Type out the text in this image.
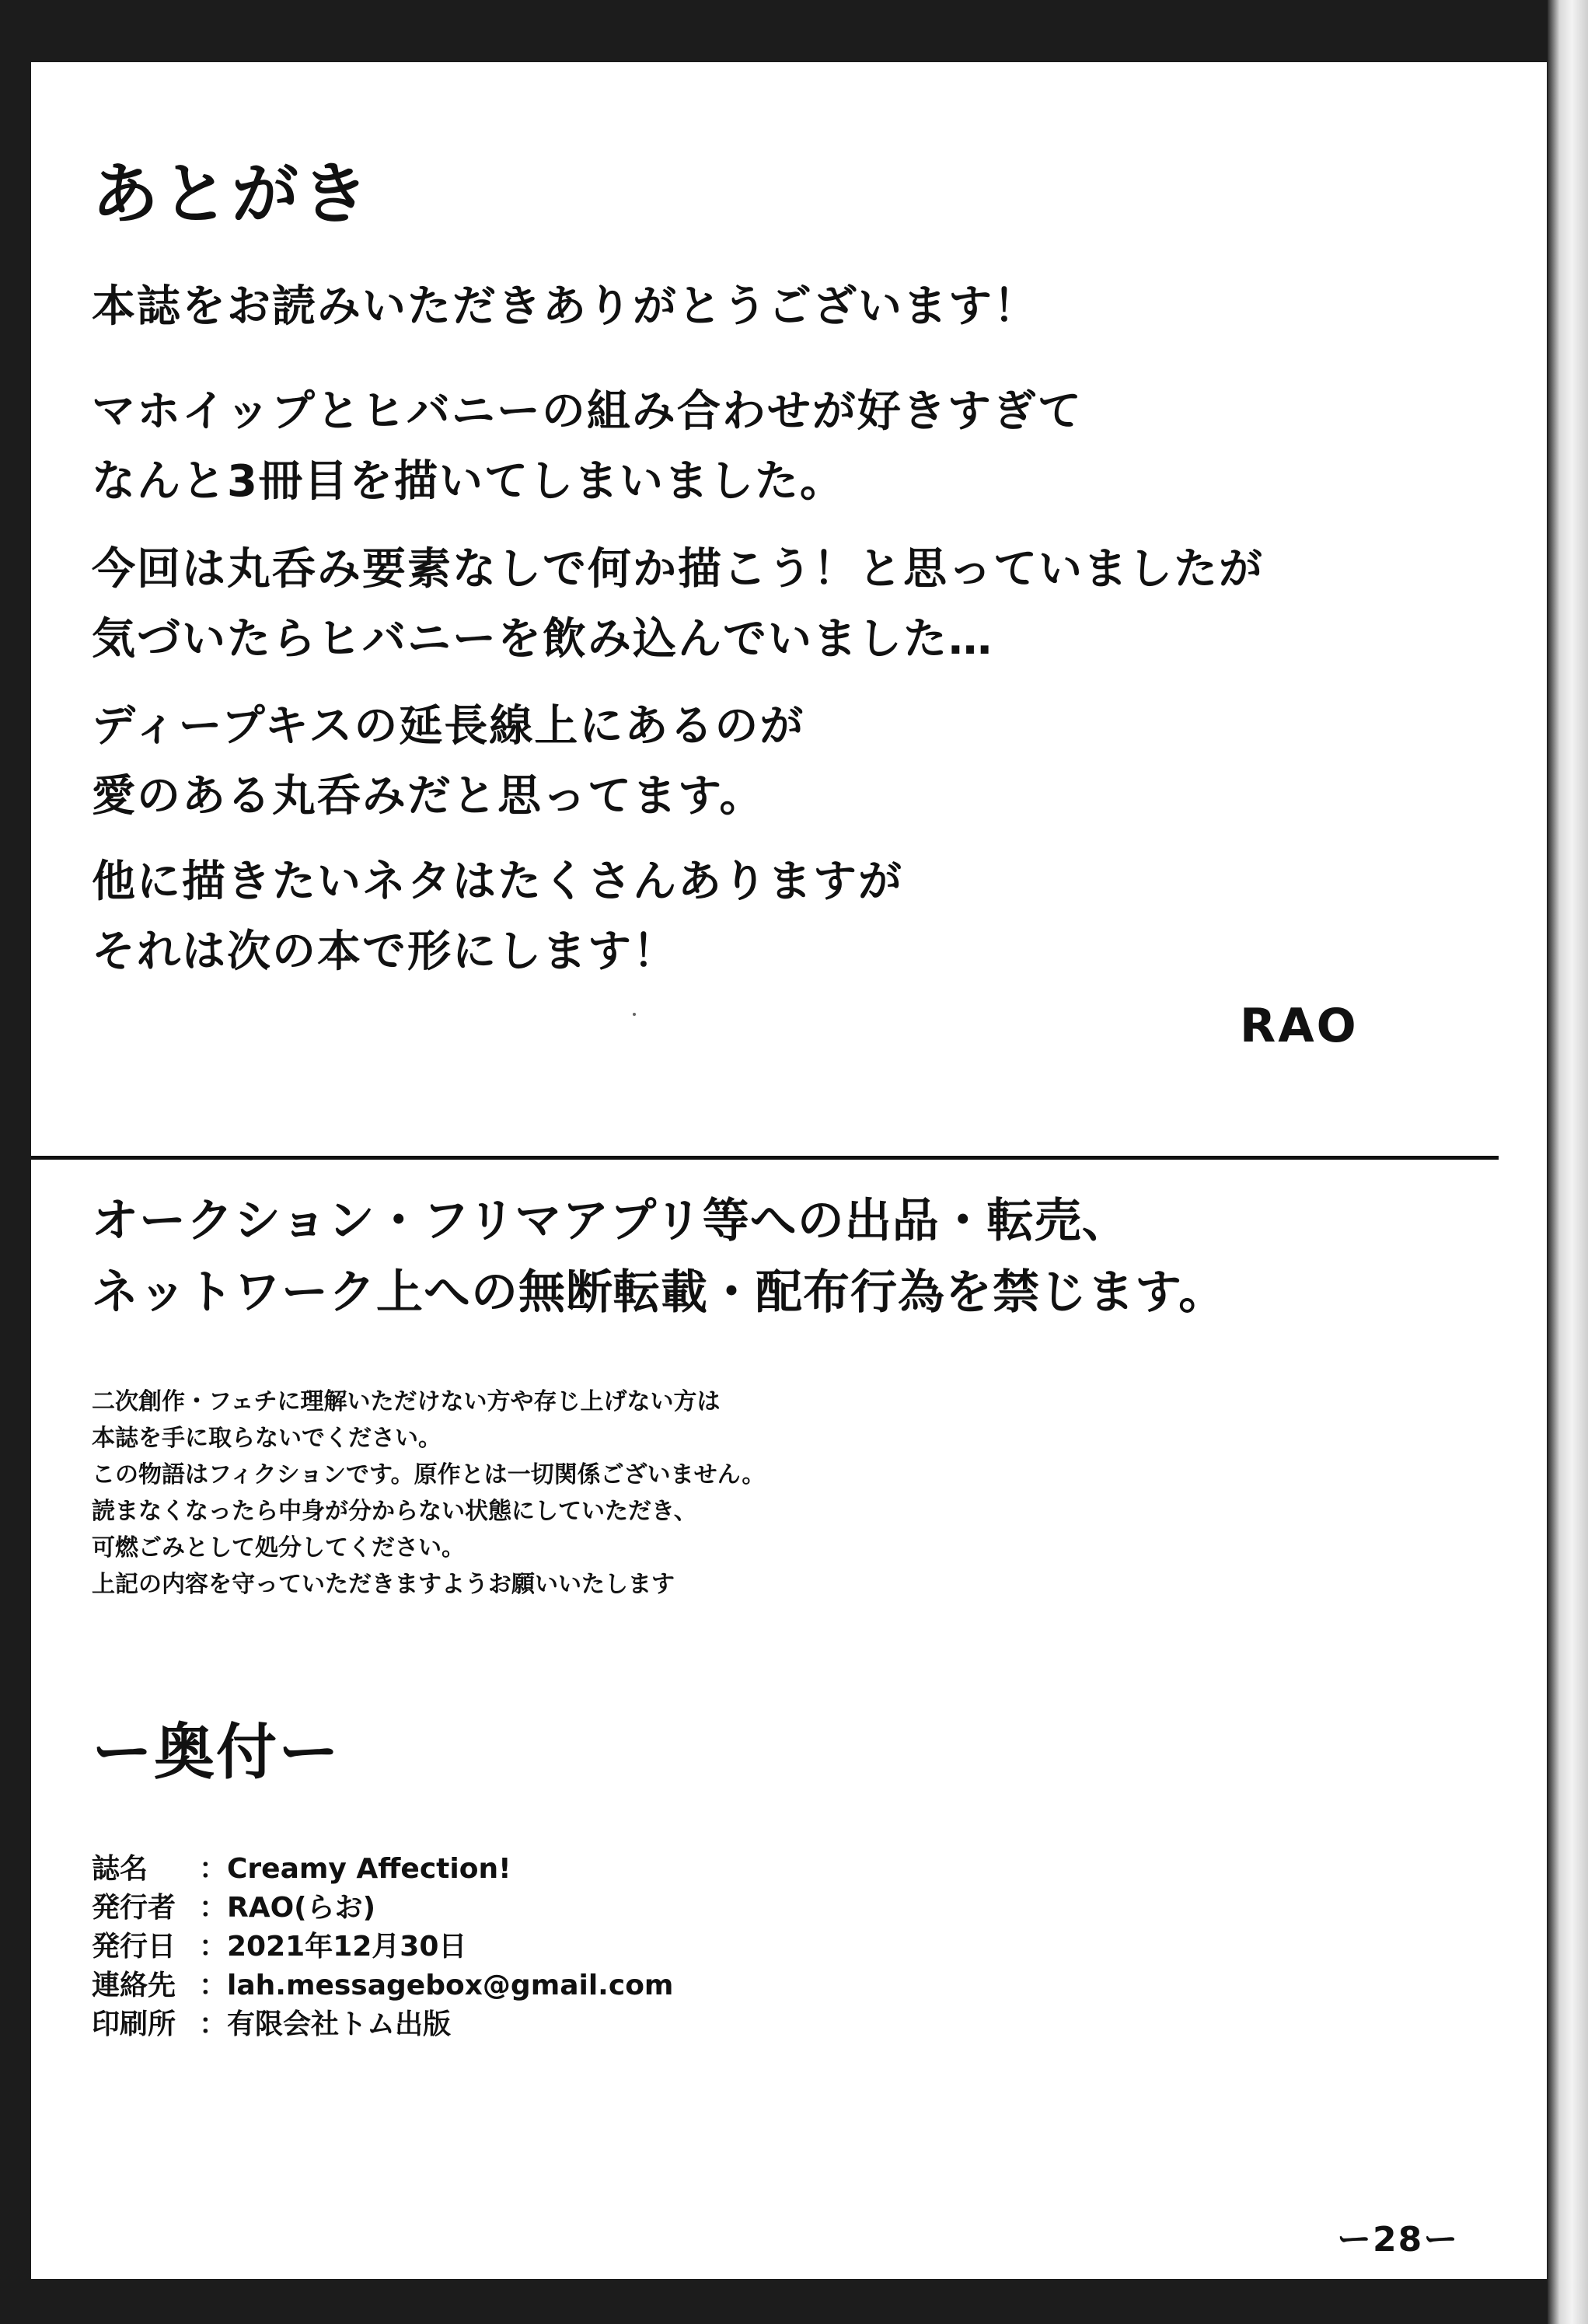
あとがき

本誌をお読みいただきありがとうございます！

マホイップとヒバニーの組み合わせが好きすぎて
なんと3冊目を描いてしまいました。

今回は丸呑み要素なしで何か描こう！と思っていましたが
気づいたらヒバニーを飲み込んでいました…

ディープキスの延長線上にあるのが
愛のある丸呑みだと思ってます。

他に描きたいネタはたくさんありますが
それは次の本で形にします！

RAO

オークション・フリマアプリ等への出品・転売、
ネットワーク上への無断転載・配布行為を禁じます。

二次創作・フェチに理解いただけない方や存じ上げない方は
本誌を手に取らないでください。
この物語はフィクションです。原作とは一切関係ございません。
読まなくなったら中身が分からない状態にしていただき、
可燃ごみとして処分してください。
上記の内容を守っていただきますようお願いいたします

ー奥付ー
誌名 ：Creamy Affection!
発行者 ：RAO(らお)
発行日 ：2021年12月30日
連絡先 ：lah.messagebox@gmail.com
印刷所 ：有限会社トム出版
ー28ー
